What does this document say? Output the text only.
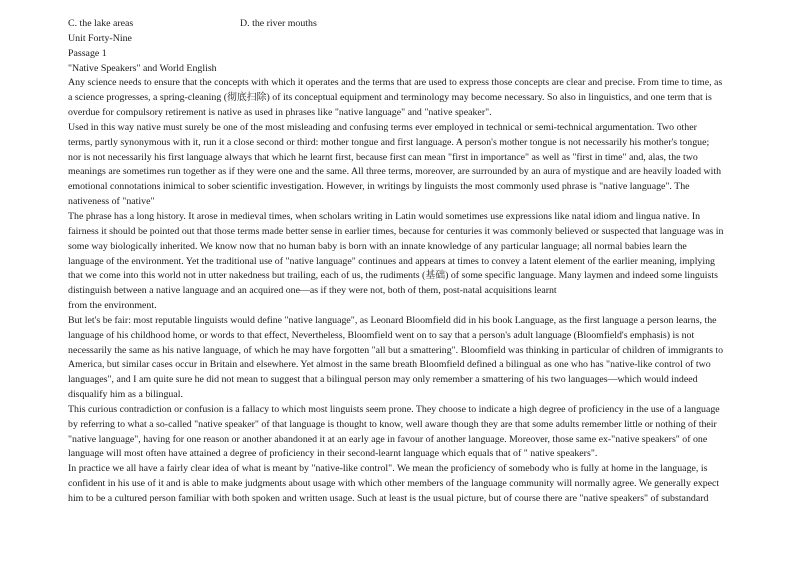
C. the lake areas	D. the river mouths
Unit Forty-Nine
Passage 1
"Native Speakers" and World English
Any science needs to ensure that the concepts with which it operates and the terms that are used to express those concepts are clear and precise. From time to time, as
a science progresses, a spring-cleaning (彻底扫除) of its conceptual equipment and terminology may become necessary. So also in linguistics, and one term that is
overdue for compulsory retirement is native as used in phrases like "native language" and "native speaker".
Used in this way native must surely be one of the most misleading and confusing terms ever employed in technical or semi-technical argumentation. Two other
terms, partly synonymous with it, run it a close second or third: mother tongue and first language. A person's mother tongue is not necessarily his mother's tongue;
nor is not necessarily his first language always that which he learnt first, because first can mean "first in importance" as well as "first in time" and, alas, the two
meanings are sometimes run together as if they were one and the same. All three terms, moreover, are surrounded by an aura of mystique and are heavily loaded with
emotional connotations inimical to sober scientific investigation. However, in writings by linguists the most commonly used phrase is "native language". The
nativeness of "native"
The phrase has a long history. It arose in medieval times, when scholars writing in Latin would sometimes use expressions like natal idiom and lingua native. In
fairness it should be pointed out that those terms made better sense in earlier times, because for centuries it was commonly believed or suspected that language was in
some way biologically inherited. We know now that no human baby is born with an innate knowledge of any particular language; all normal babies learn the
language of the environment. Yet the traditional use of "native language" continues and appears at times to convey a latent element of the earlier meaning, implying
that we come into this world not in utter nakedness but trailing, each of us, the rudiments (基础) of some specific language. Many laymen and indeed some linguists
distinguish between a native language and an acquired one—as if they were not, both of them, post-natal acquisitions learnt
from the environment.
But let's be fair: most reputable linguists would define "native language", as Leonard Bloomfield did in his book Language, as the first language a person learns, the
language of his childhood home, or words to that effect, Nevertheless, Bloomfield went on to say that a person's adult language (Bloomfield's emphasis) is not
necessarily the same as his native language, of which he may have forgotten "all but a smattering". Bloomfield was thinking in particular of children of immigrants to
America, but similar cases occur in Britain and elsewhere. Yet almost in the same breath Bloomfield defined a bilingual as one who has "native-like control of two
languages", and I am quite sure he did not mean to suggest that a bilingual person may only remember a smattering of his two languages—which would indeed
disqualify him as a bilingual.
This curious contradiction or confusion is a fallacy to which most linguists seem prone. They choose to indicate a high degree of proficiency in the use of a language
by referring to what a so-called "native speaker" of that language is thought to know, well aware though they are that some adults remember little or nothing of their
"native language", having for one reason or another abandoned it at an early age in favour of another language. Moreover, those same ex-"native speakers" of one
language will most often have attained a degree of proficiency in their second-learnt language which equals that of " native speakers".
In practice we all have a fairly clear idea of what is meant by "native-like control". We mean the proficiency of somebody who is fully at home in the language, is
confident in his use of it and is able to make judgments about usage with which other members of the language community will normally agree. We generally expect
him to be a cultured person familiar with both spoken and written usage. Such at least is the usual picture, but of course there are "native speakers" of substandard
